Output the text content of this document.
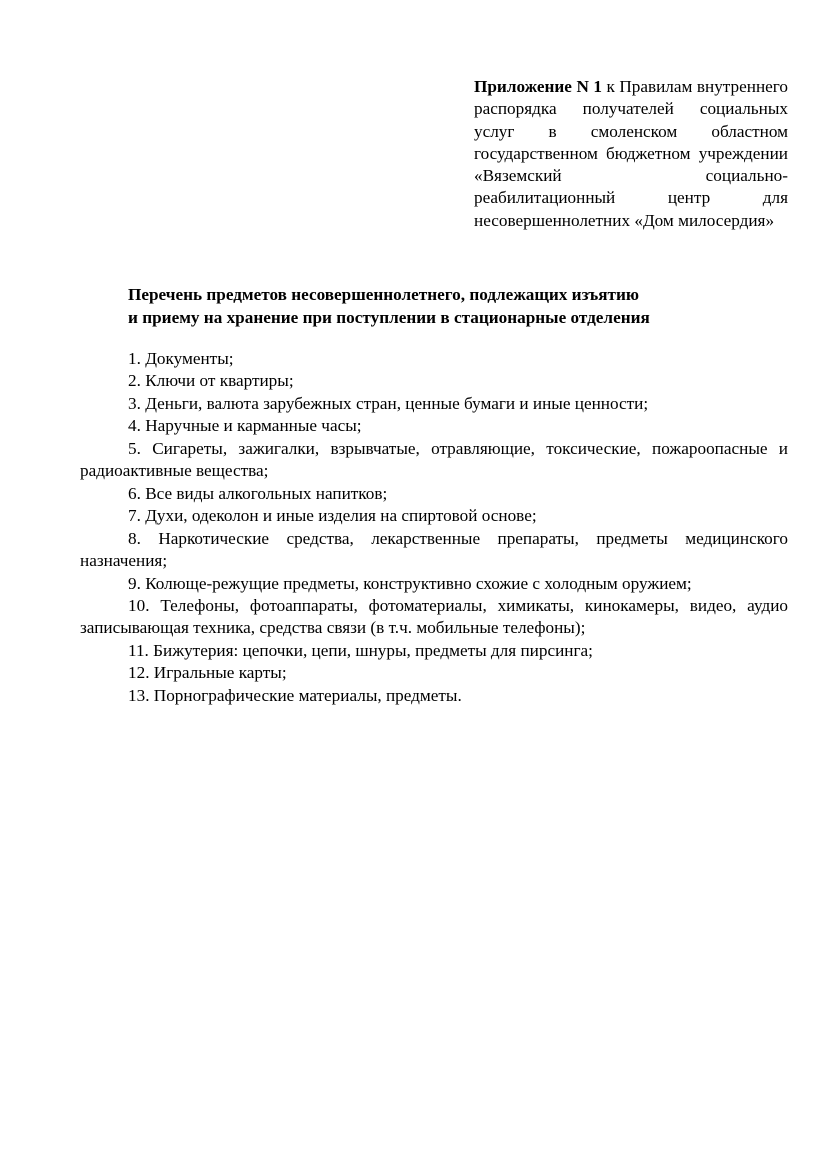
Приложение N 1 к Правилам внутреннего распорядка получателей социальных услуг в смоленском областном государственном бюджетном учреждении «Вяземский социально-реабилитационный центр для несовершеннолетних «Дом милосердия»
Перечень предметов несовершеннолетнего, подлежащих изъятию
и приему на хранение при поступлении в стационарные отделения

1. Документы;

2. Ключи от квартиры;

3. Деньги, валюта зарубежных стран, ценные бумаги и иные ценности;

4. Наручные и карманные часы;

5. Сигареты, зажигалки, взрывчатые, отравляющие, токсические, пожароопасные и радиоактивные вещества;

6. Все виды алкогольных напитков;

7. Духи, одеколон и иные изделия на спиртовой основе;

8. Наркотические средства, лекарственные препараты, предметы медицинского назначения;

9. Колюще-режущие предметы, конструктивно схожие с холодным оружием;

10. Телефоны, фотоаппараты, фотоматериалы, химикаты, кинокамеры, видео, аудио записывающая техника, средства связи (в т.ч. мобильные телефоны);

11. Бижутерия: цепочки, цепи, шнуры, предметы для пирсинга;

12. Игральные карты;

13. Порнографические материалы, предметы.
